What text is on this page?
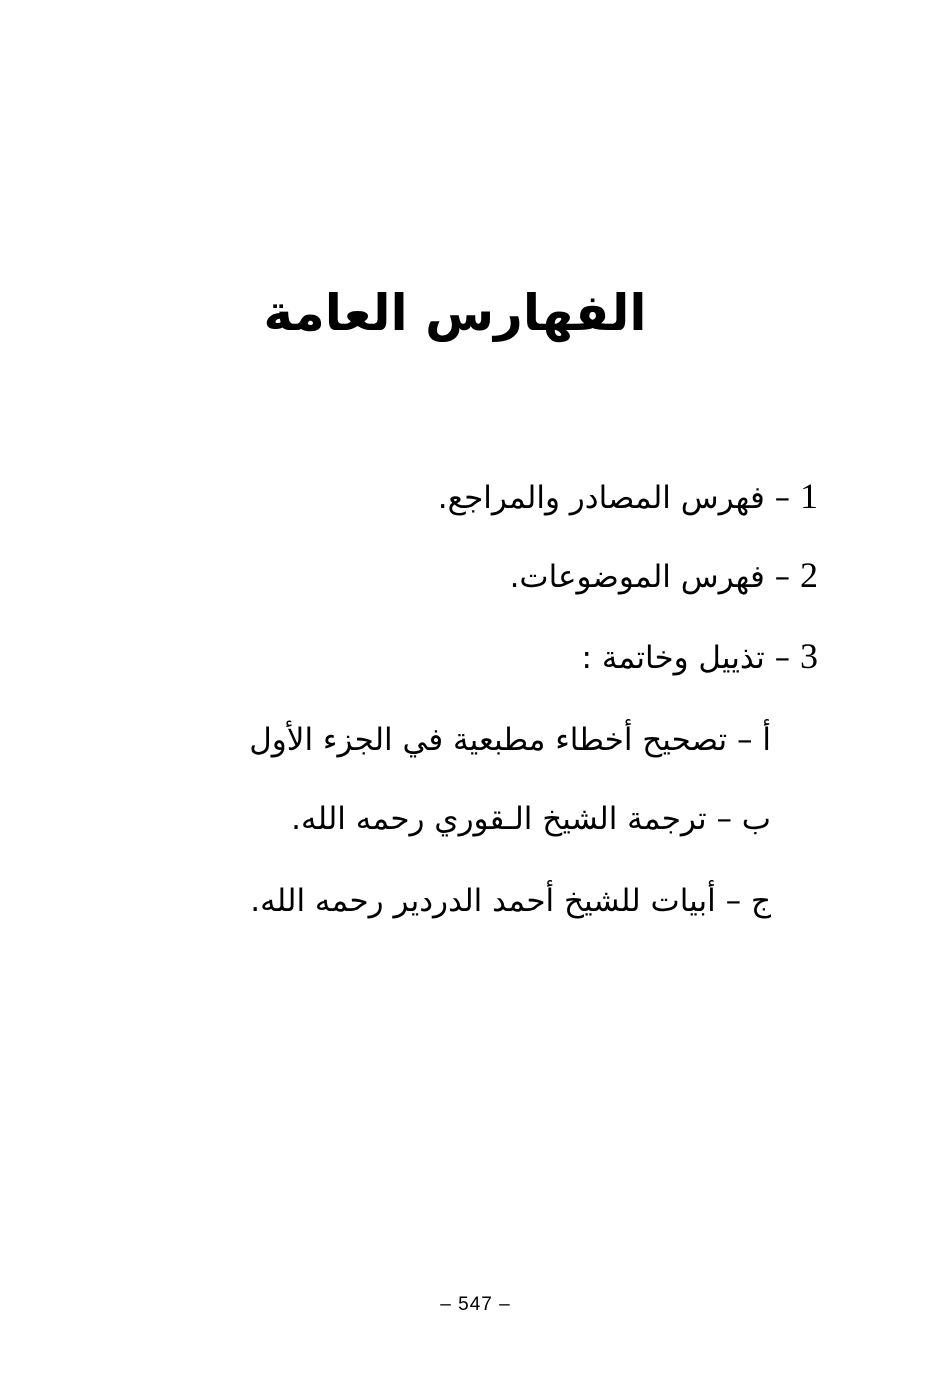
الفهارس العامة
1 – فهرس المصادر والمراجع.
2 – فهرس الموضوعات.
3 – تذييل وخاتمة :
أ – تصحيح أخطاء مطبعية في الجزء الأول
ب – ترجمة الشيخ الـقوري رحمه الله.
ج – أبيات للشيخ أحمد الدردير رحمه الله.
– 547 –
